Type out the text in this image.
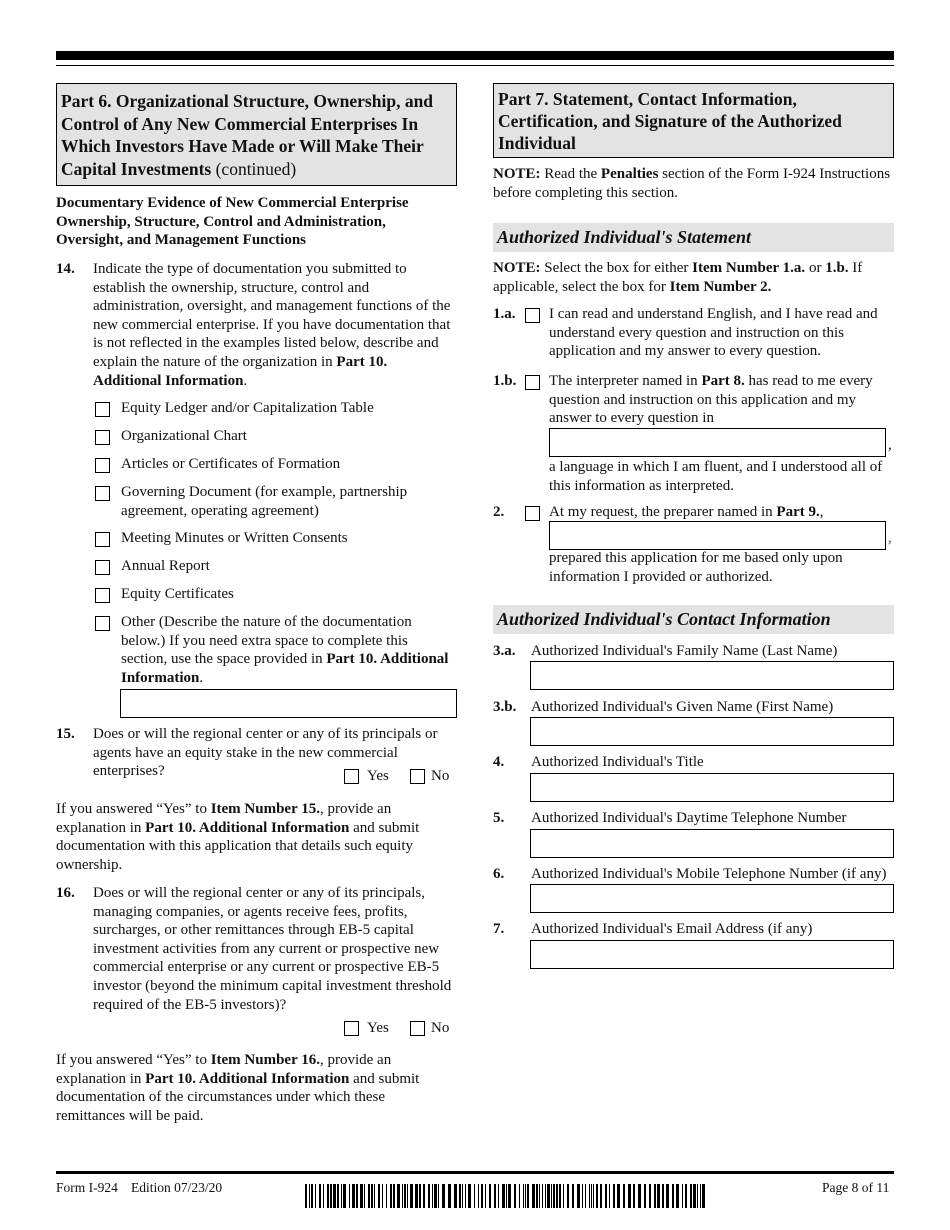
Part 6. Organizational Structure, Ownership, and Control of Any New Commercial Enterprises In Which Investors Have Made or Will Make Their Capital Investments (continued)
Documentary Evidence of New Commercial Enterprise Ownership, Structure, Control and Administration, Oversight, and Management Functions
14. Indicate the type of documentation you submitted to establish the ownership, structure, control and administration, oversight, and management functions of the new commercial enterprise. If you have documentation that is not reflected in the examples listed below, describe and explain the nature of the organization in Part 10. Additional Information.
Equity Ledger and/or Capitalization Table
Organizational Chart
Articles or Certificates of Formation
Governing Document (for example, partnership agreement, operating agreement)
Meeting Minutes or Written Consents
Annual Report
Equity Certificates
Other (Describe the nature of the documentation below.) If you need extra space to complete this section, use the space provided in Part 10. Additional Information.
15. Does or will the regional center or any of its principals or agents have an equity stake in the new commercial enterprises?	Yes	No
If you answered “Yes” to Item Number 15., provide an explanation in Part 10. Additional Information and submit documentation with this application that details such equity ownership.
16. Does or will the regional center or any of its principals, managing companies, or agents receive fees, profits, surcharges, or other remittances through EB-5 capital investment activities from any current or prospective new commercial enterprise or any current or prospective EB-5 investor (beyond the minimum capital investment threshold required of the EB-5 investors)?
Yes	No
If you answered “Yes” to Item Number 16., provide an explanation in Part 10. Additional Information and submit documentation of the circumstances under which these remittances will be paid.
Part 7. Statement, Contact Information, Certification, and Signature of the Authorized Individual
NOTE: Read the Penalties section of the Form I-924 Instructions before completing this section.
Authorized Individual's Statement
NOTE: Select the box for either Item Number 1.a. or 1.b. If applicable, select the box for Item Number 2.
1.a. I can read and understand English, and I have read and understand every question and instruction on this application and my answer to every question.
1.b. The interpreter named in Part 8. has read to me every question and instruction on this application and my answer to every question in
,
a language in which I am fluent, and I understood all of this information as interpreted.
2.	At my request, the preparer named in Part 9.,
,
prepared this application for me based only upon information I provided or authorized.
Authorized Individual's Contact Information
3.a. Authorized Individual's Family Name (Last Name)
3.b. Authorized Individual's Given Name (First Name)
4. Authorized Individual's Title
5. Authorized Individual's Daytime Telephone Number
6. Authorized Individual's Mobile Telephone Number (if any)
7. Authorized Individual's Email Address (if any)
Form I-924 Edition 07/23/20	Page 8 of 11
